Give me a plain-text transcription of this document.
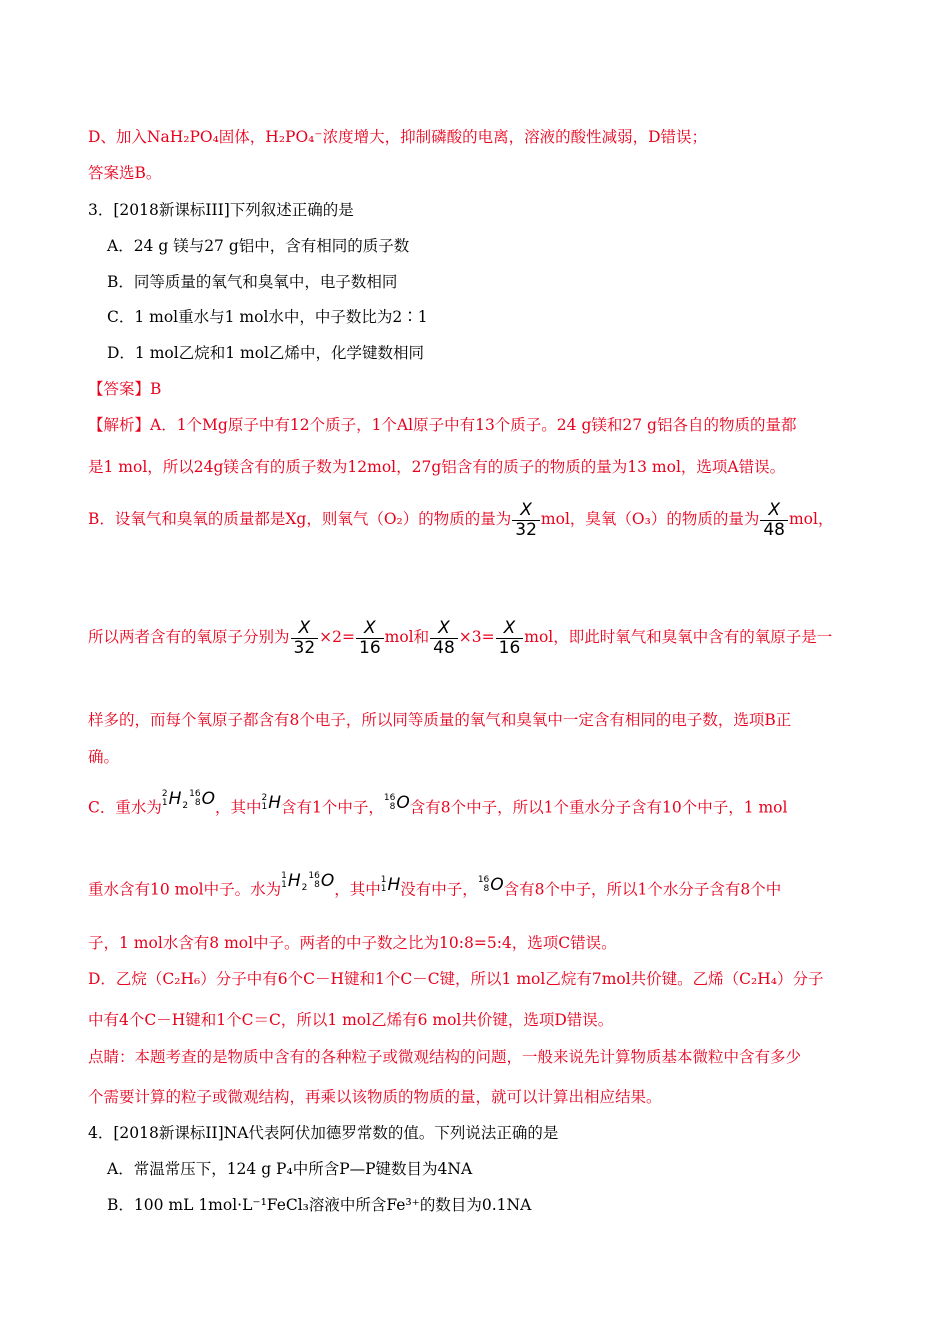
D、加入NaH₂PO₄固体，H₂PO₄⁻浓度增大，抑制磷酸的电离，溶液的酸性减弱，D错误；
答案选B。
3．[2018新课标III]下列叙述正确的是
A．24 g 镁与27 g铝中，含有相同的质子数
B．同等质量的氧气和臭氧中，电子数相同
C．1 mol重水与1 mol水中，中子数比为2∶1
D．1 mol乙烷和1 mol乙烯中，化学键数相同
【答案】B
【解析】A．1个Mg原子中有12个质子，1个Al原子中有13个质子。24 g镁和27 g铝各自的物质的量都
是1 mol，所以24g镁含有的质子数为12mol，27g铝含有的质子的物质的量为13 mol，选项A错误。
B．设氧气和臭氧的质量都是Xg，则氧气（O₂）的物质的量为 $\frac{X}{32}$ mol，臭氧（O₃）的物质的量为 $\frac{X}{48}$ mol，
所以两者含有的氧原子分别为 $\frac{X}{32} \times 2= \frac{X}{16}$ mol和 $\frac{X}{48} \times 3= \frac{X}{16}$ mol，即此时氧气和臭氧中含有的氧原子是一
样多的，而每个氧原子都含有8个电子，所以同等质量的氧气和臭氧中一定含有相同的电子数，选项B正
确。
C．重水为
2
1 $H_2$
16
8 O，其中
2
1 H含有1个中子，
16
8 O含有8个中子，所以1个重水分子含有10个中子，1 mol
重水含有10 mol中子。水为
1
1 $H_2$
16
8 O，其中
1
1 H没有中子，
16
8 O含有8个中子，所以1个水分子含有8个中
子，1 mol水含有8 mol中子。两者的中子数之比为10:8=5:4，选项C错误。
D．乙烷（C₂H₆）分子中有6个C－H键和1个C－C键，所以1 mol乙烷有7mol共价键。乙烯（C₂H₄）分子
中有4个C－H键和1个C＝C，所以1 mol乙烯有6 mol共价键，选项D错误。
点睛：本题考查的是物质中含有的各种粒子或微观结构的问题，一般来说先计算物质基本微粒中含有多少
个需要计算的粒子或微观结构，再乘以该物质的物质的量，就可以计算出相应结果。
4．[2018新课标II]NA代表阿伏加德罗常数的值。下列说法正确的是
A．常温常压下，124 g P₄中所含P—P键数目为4NA
B．100 mL 1mol·L⁻¹FeCl₃溶液中所含Fe³⁺的数目为0.1NA
